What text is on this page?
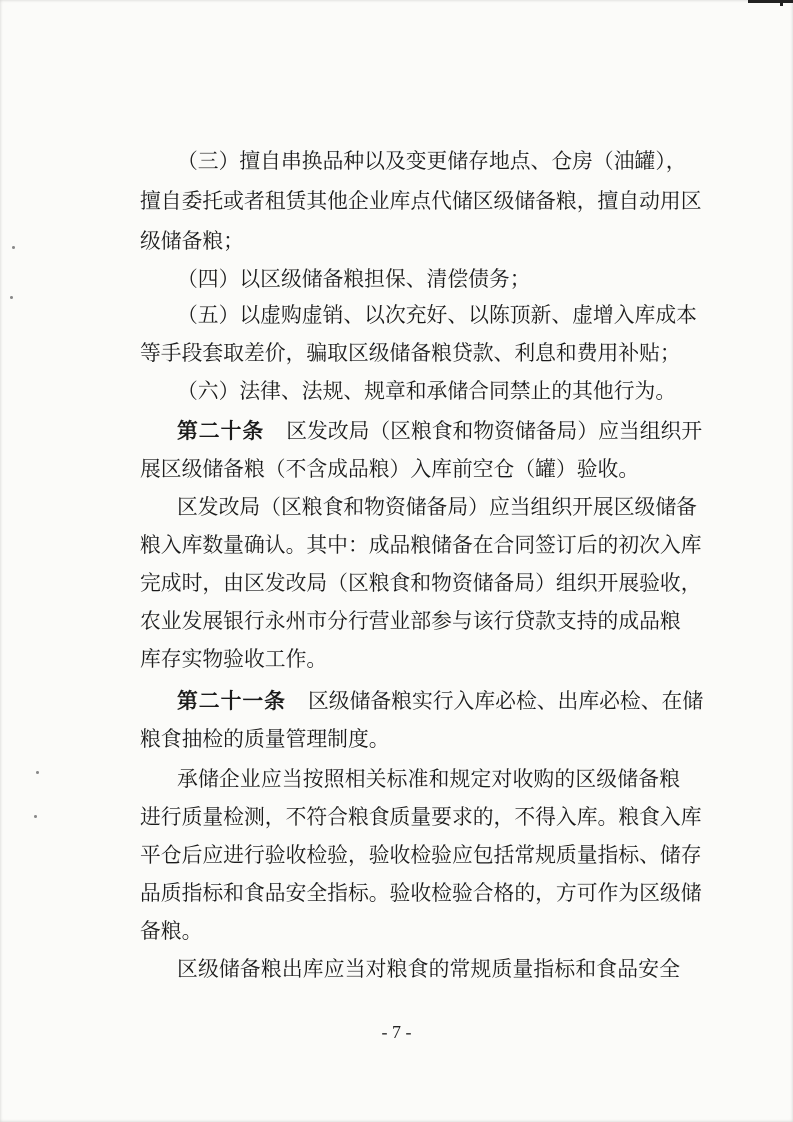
（三）擅自串换品种以及变更储存地点、仓房（油罐），
擅自委托或者租赁其他企业库点代储区级储备粮，擅自动用区
级储备粮；
（四）以区级储备粮担保、清偿债务；
（五）以虚购虚销、以次充好、以陈顶新、虚增入库成本
等手段套取差价，骗取区级储备粮贷款、利息和费用补贴；
（六）法律、法规、规章和承储合同禁止的其他行为。
第二十条 区发改局（区粮食和物资储备局）应当组织开
展区级储备粮（不含成品粮）入库前空仓（罐）验收。
区发改局（区粮食和物资储备局）应当组织开展区级储备
粮入库数量确认。其中：成品粮储备在合同签订后的初次入库
完成时，由区发改局（区粮食和物资储备局）组织开展验收，
农业发展银行永州市分行营业部参与该行贷款支持的成品粮
库存实物验收工作。
第二十一条 区级储备粮实行入库必检、出库必检、在储
粮食抽检的质量管理制度。
承储企业应当按照相关标准和规定对收购的区级储备粮
进行质量检测，不符合粮食质量要求的，不得入库。粮食入库
平仓后应进行验收检验，验收检验应包括常规质量指标、储存
品质指标和食品安全指标。验收检验合格的，方可作为区级储
备粮。
区级储备粮出库应当对粮食的常规质量指标和食品安全
- 7 -
